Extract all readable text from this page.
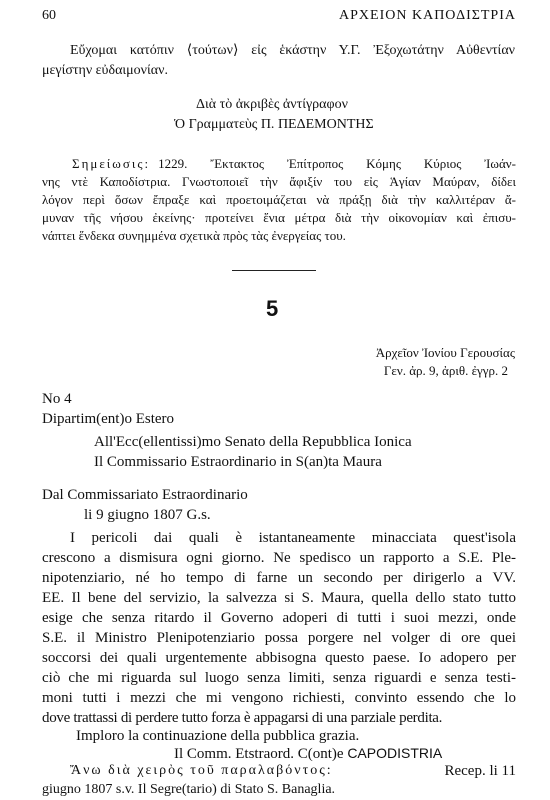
60	ΑΡΧΕΙΟΝ ΚΑΠΟΔΙΣΤΡΙΑ
Εὔχομαι κατόπιν ⟨τούτων⟩ εἰς ἑκάστην Υ.Γ. Ἐξοχωτάτην Αὐθεντίαν
μεγίστην εὐδαιμονίαν.
Διὰ τὸ ἀκριβὲς ἀντίγραφον
Ὁ Γραμματεὺς Π. ΠΕΔΕΜΟΝΤΗΣ
Σημείωσις: 1229. Ἔκτακτος Ἐπίτροπος Κόμης Κύριος Ἰωάν-
νης ντὲ Καποδίστρια. Γνωστοποιεῖ τὴν ἄφιξίν του εἰς Ἁγίαν Μαύραν, δίδει
λόγον περὶ ὅσων ἔπραξε καὶ προετοιμάζεται νὰ πράξῃ διὰ τὴν καλλιτέραν ἄ-
μυναν τῆς νήσου ἐκείνης· προτείνει ἕνια μέτρα διὰ τὴν οἰκονομίαν καὶ ἐπισυ-
νάπτει ἕνδεκα συνημμένα σχετικὰ πρὸς τὰς ἐνεργείας του.
5
Ἀρχεῖον Ἰονίου Γερουσίας
Γεν. ἀρ. 9, ἀριθ. ἐγγρ. 2
No 4
Dipartim(ent)o Estero
All'Ecc(ellentissi)mo Senato della Repubblica Ionica
Il Commissario Estraordinario in S(an)ta Maura
Dal Commissariato Estraordinario
li 9 giugno 1807 G.s.
I pericoli dai quali è istantaneamente minacciata quest'isola
crescono a dismisura ogni giorno. Ne spedisco un rapporto a S.E. Ple-
nipotenziario, né ho tempo di farne un secondo per dirigerlo a VV.
EE. Il bene del servizio, la salvezza si S. Maura, quella dello stato tutto
esige che senza ritardo il Governo adoperi di tutti i suoi mezzi, onde
S.E. il Ministro Plenipotenziario possa porgere nel volger di ore quei
soccorsi dei quali urgentemente abbisogna questo paese. Io adopero per
ciò che mi riguarda sul luogo senza limiti, senza riguardi e senza testi-
moni tutti i mezzi che mi vengono richiesti, convinto essendo che lo
dove trattassi di perdere tutto forza è appagarsi di una parziale perdita.
Imploro la continuazione della pubblica grazia.
Il Comm. Etstraord. C(ont)e CAPODISTRIA
Ἄνω διὰ χειρὸς τοῦ παραλαβόντος:	Recep. li 11
giugno 1807 s.v. Il Segre(tario) di Stato S. Banaglia.
